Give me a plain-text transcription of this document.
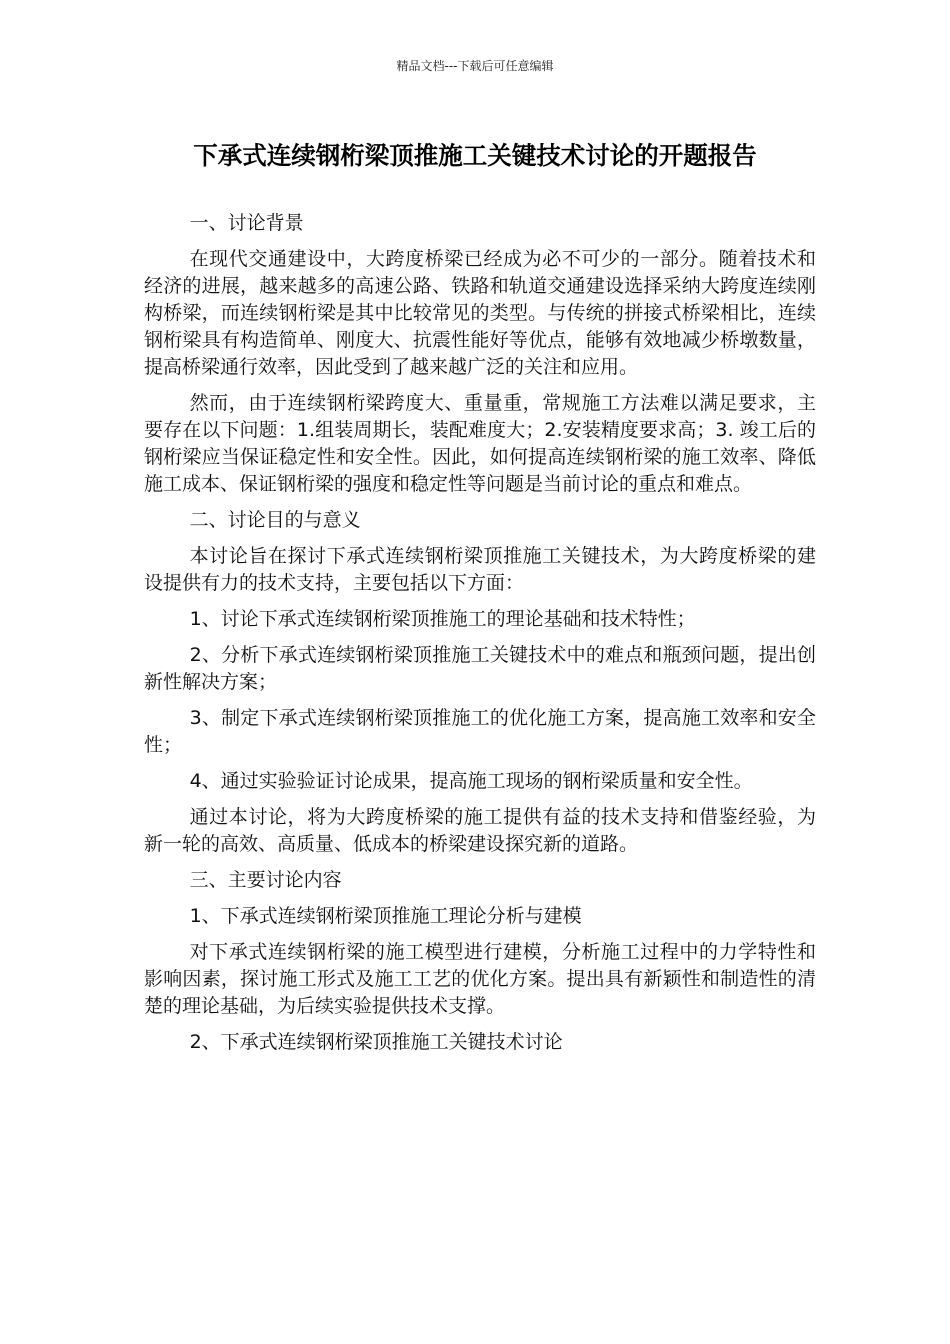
精品文档---下载后可任意编辑
下承式连续钢桁梁顶推施工关键技术讨论的开题报告

一、讨论背景

在现代交通建设中，大跨度桥梁已经成为必不可少的一部分。随着技术和经济的进展，越来越多的高速公路、铁路和轨道交通建设选择采纳大跨度连续刚构桥梁，而连续钢桁梁是其中比较常见的类型。与传统的拼接式桥梁相比，连续钢桁梁具有构造简单、刚度大、抗震性能好等优点，能够有效地减少桥墩数量，提高桥梁通行效率，因此受到了越来越广泛的关注和应用。

然而，由于连续钢桁梁跨度大、重量重，常规施工方法难以满足要求，主要存在以下问题：1.组装周期长，装配难度大；2.安装精度要求高；3. 竣工后的钢桁梁应当保证稳定性和安全性。因此，如何提高连续钢桁梁的施工效率、降低施工成本、保证钢桁梁的强度和稳定性等问题是当前讨论的重点和难点。

二、讨论目的与意义

本讨论旨在探讨下承式连续钢桁梁顶推施工关键技术，为大跨度桥梁的建设提供有力的技术支持，主要包括以下方面：

1、讨论下承式连续钢桁梁顶推施工的理论基础和技术特性；

2、分析下承式连续钢桁梁顶推施工关键技术中的难点和瓶颈问题，提出创新性解决方案；

3、制定下承式连续钢桁梁顶推施工的优化施工方案，提高施工效率和安全性；

4、通过实验验证讨论成果，提高施工现场的钢桁梁质量和安全性。

通过本讨论，将为大跨度桥梁的施工提供有益的技术支持和借鉴经验，为新一轮的高效、高质量、低成本的桥梁建设探究新的道路。

三、主要讨论内容

1、下承式连续钢桁梁顶推施工理论分析与建模

对下承式连续钢桁梁的施工模型进行建模，分析施工过程中的力学特性和影响因素，探讨施工形式及施工工艺的优化方案。提出具有新颖性和制造性的清楚的理论基础，为后续实验提供技术支撑。

2、下承式连续钢桁梁顶推施工关键技术讨论
